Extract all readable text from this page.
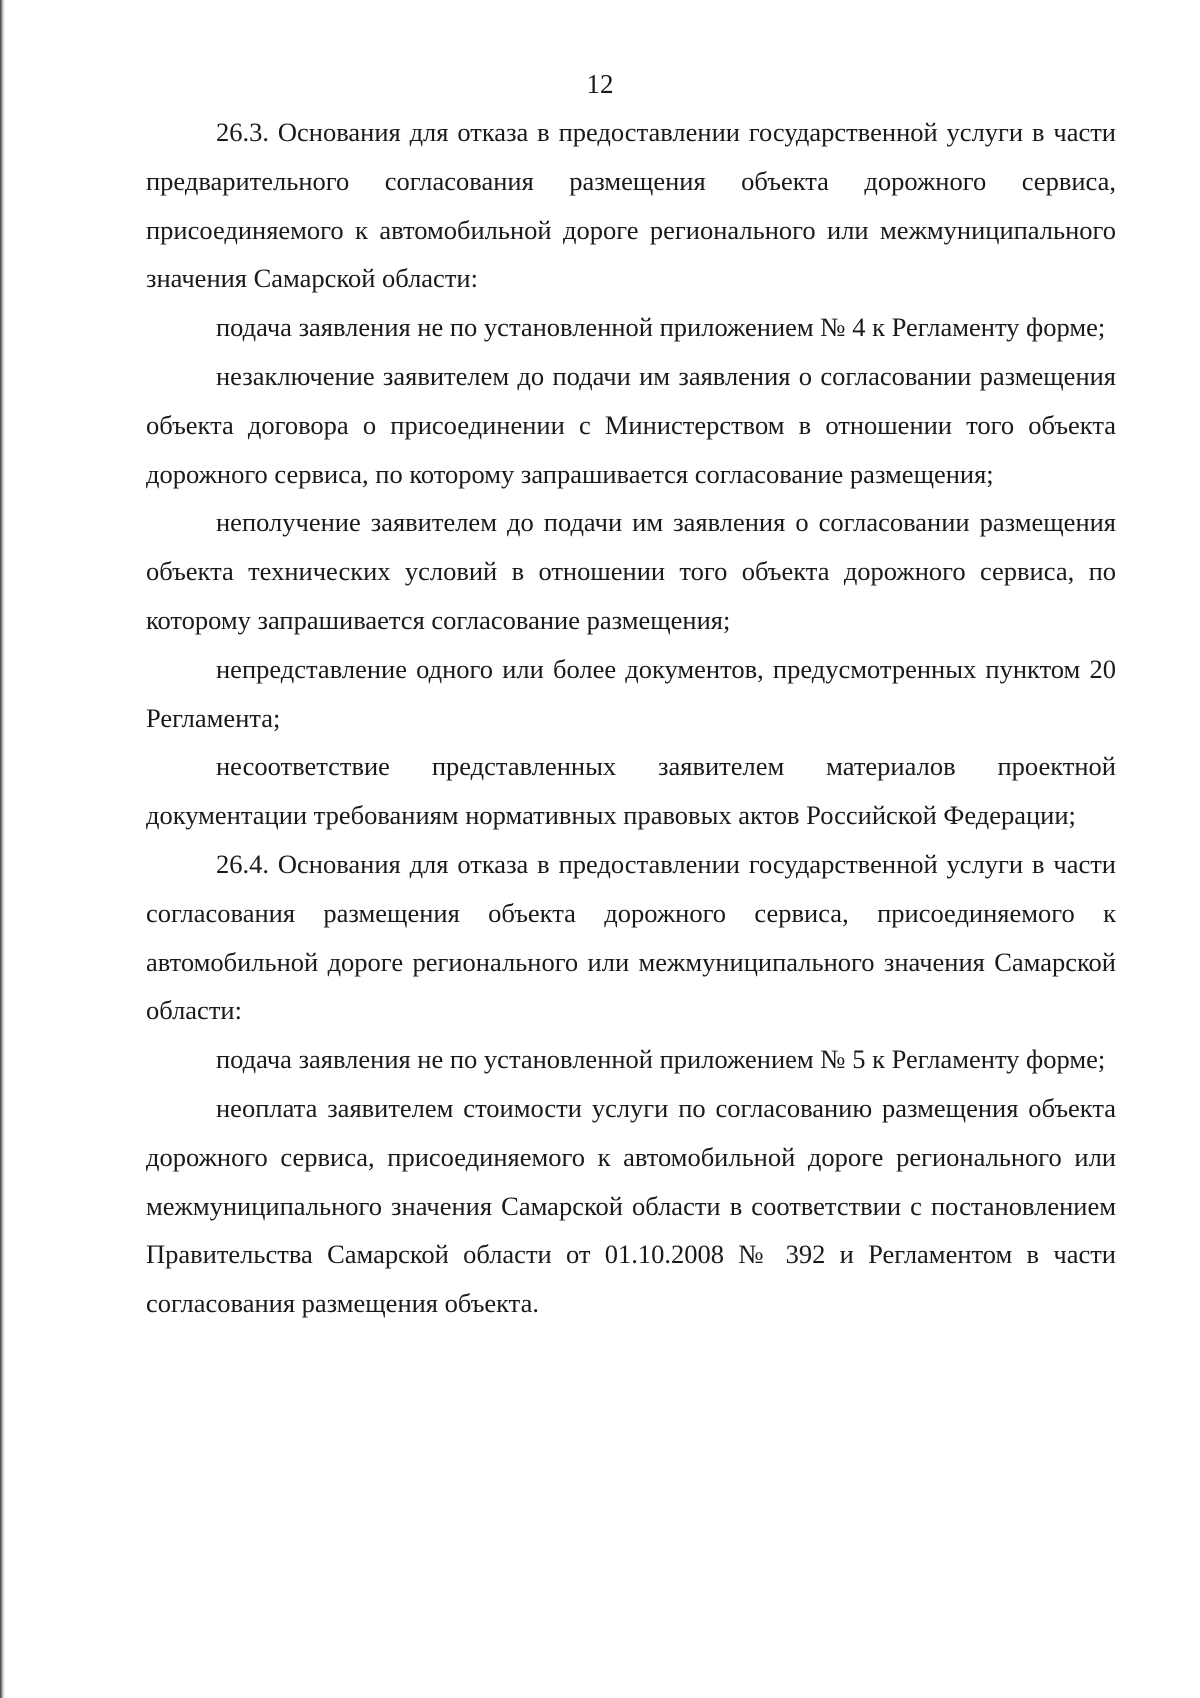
12

26.3. Основания для отказа в предоставлении государственной услуги в части предварительного согласования размещения объекта дорожного сервиса, присоединяемого к автомобильной дороге регионального или межмуниципального значения Самарской области:

подача заявления не по установленной приложением № 4 к Регламенту форме;

незаключение заявителем до подачи им заявления о согласовании размещения объекта договора о присоединении с Министерством в отношении того объекта дорожного сервиса, по которому запрашивается согласование размещения;

неполучение заявителем до подачи им заявления о согласовании размещения объекта технических условий в отношении того объекта дорожного сервиса, по которому запрашивается согласование размещения;

непредставление одного или более документов, предусмотренных пунктом 20 Регламента;

несоответствие представленных заявителем материалов проектной документации требованиям нормативных правовых актов Российской Федерации;

26.4. Основания для отказа в предоставлении государственной услуги в части согласования размещения объекта дорожного сервиса, присоединяемого к автомобильной дороге регионального или межмуниципального значения Самарской области:

подача заявления не по установленной приложением № 5 к Регламенту форме;

неоплата заявителем стоимости услуги по согласованию размещения объекта дорожного сервиса, присоединяемого к автомобильной дороге регионального или межмуниципального значения Самарской области в соответствии с постановлением Правительства Самарской области от 01.10.2008 № 392 и Регламентом в части согласования размещения объекта.
